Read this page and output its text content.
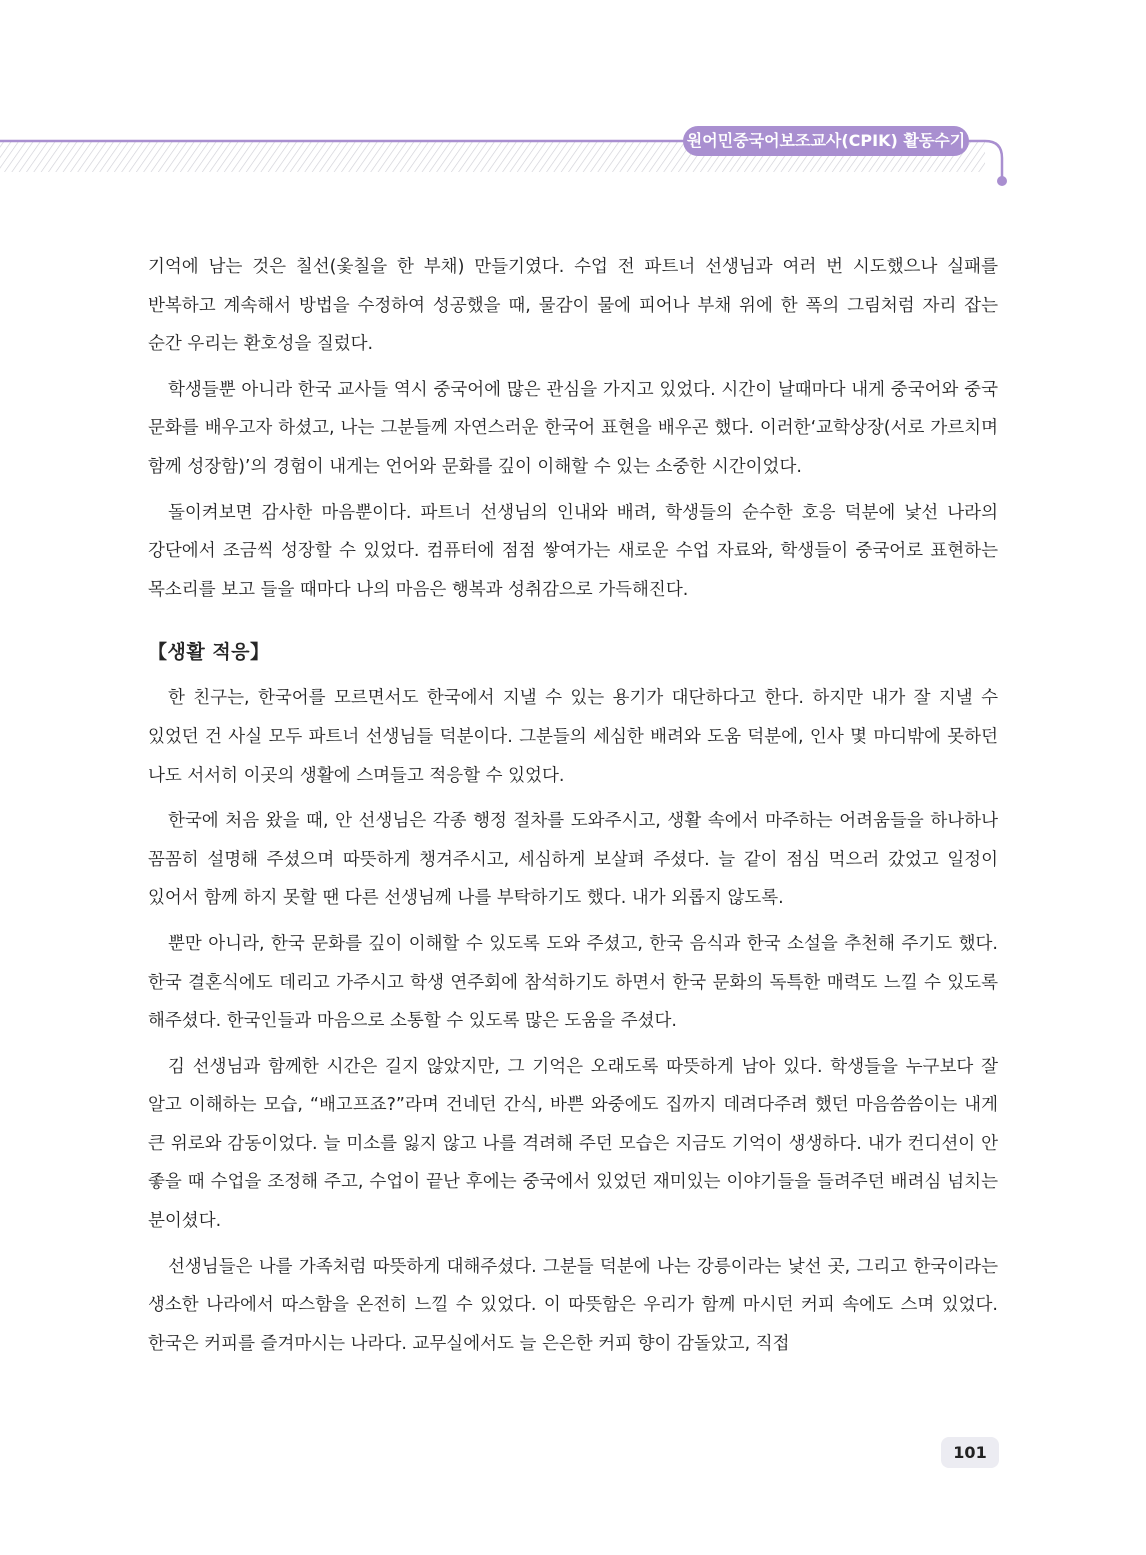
원어민중국어보조교사(CPIK) 활동수기

기억에 남는 것은 칠선(옻칠을 한 부채) 만들기였다. 수업 전 파트너 선생님과 여러 번 시도했으나 실패를 반복하고 계속해서 방법을 수정하여 성공했을 때, 물감이 물에 피어나 부채 위에 한 폭의 그림처럼 자리 잡는 순간 우리는 환호성을 질렀다.

학생들뿐 아니라 한국 교사들 역시 중국어에 많은 관심을 가지고 있었다. 시간이 날때마다 내게 중국어와 중국 문화를 배우고자 하셨고, 나는 그분들께 자연스러운 한국어 표현을 배우곤 했다. 이러한‘교학상장(서로 가르치며 함께 성장함)’의 경험이 내게는 언어와 문화를 깊이 이해할 수 있는 소중한 시간이었다.

돌이켜보면 감사한 마음뿐이다. 파트너 선생님의 인내와 배려, 학생들의 순수한 호응 덕분에 낯선 나라의 강단에서 조금씩 성장할 수 있었다. 컴퓨터에 점점 쌓여가는 새로운 수업 자료와, 학생들이 중국어로 표현하는 목소리를 보고 들을 때마다 나의 마음은 행복과 성취감으로 가득해진다.

【생활 적응】

한 친구는, 한국어를 모르면서도 한국에서 지낼 수 있는 용기가 대단하다고 한다. 하지만 내가 잘 지낼 수 있었던 건 사실 모두 파트너 선생님들 덕분이다. 그분들의 세심한 배려와 도움 덕분에, 인사 몇 마디밖에 못하던 나도 서서히 이곳의 생활에 스며들고 적응할 수 있었다.

한국에 처음 왔을 때, 안 선생님은 각종 행정 절차를 도와주시고, 생활 속에서 마주하는 어려움들을 하나하나 꼼꼼히 설명해 주셨으며 따뜻하게 챙겨주시고, 세심하게 보살펴 주셨다. 늘 같이 점심 먹으러 갔었고 일정이 있어서 함께 하지 못할 땐 다른 선생님께 나를 부탁하기도 했다. 내가 외롭지 않도록.

뿐만 아니라, 한국 문화를 깊이 이해할 수 있도록 도와 주셨고, 한국 음식과 한국 소설을 추천해 주기도 했다. 한국 결혼식에도 데리고 가주시고 학생 연주회에 참석하기도 하면서 한국 문화의 독특한 매력도 느낄 수 있도록 해주셨다. 한국인들과 마음으로 소통할 수 있도록 많은 도움을 주셨다.

김 선생님과 함께한 시간은 길지 않았지만, 그 기억은 오래도록 따뜻하게 남아 있다. 학생들을 누구보다 잘 알고 이해하는 모습, “배고프죠?”라며 건네던 간식, 바쁜 와중에도 집까지 데려다주려 했던 마음씀씀이는 내게 큰 위로와 감동이었다. 늘 미소를 잃지 않고 나를 격려해 주던 모습은 지금도 기억이 생생하다. 내가 컨디션이 안 좋을 때 수업을 조정해 주고, 수업이 끝난 후에는 중국에서 있었던 재미있는 이야기들을 들려주던 배려심 넘치는 분이셨다.

선생님들은 나를 가족처럼 따뜻하게 대해주셨다. 그분들 덕분에 나는 강릉이라는 낯선 곳, 그리고 한국이라는 생소한 나라에서 따스함을 온전히 느낄 수 있었다. 이 따뜻함은 우리가 함께 마시던 커피 속에도 스며 있었다. 한국은 커피를 즐겨마시는 나라다. 교무실에서도 늘 은은한 커피 향이 감돌았고, 직접

101
